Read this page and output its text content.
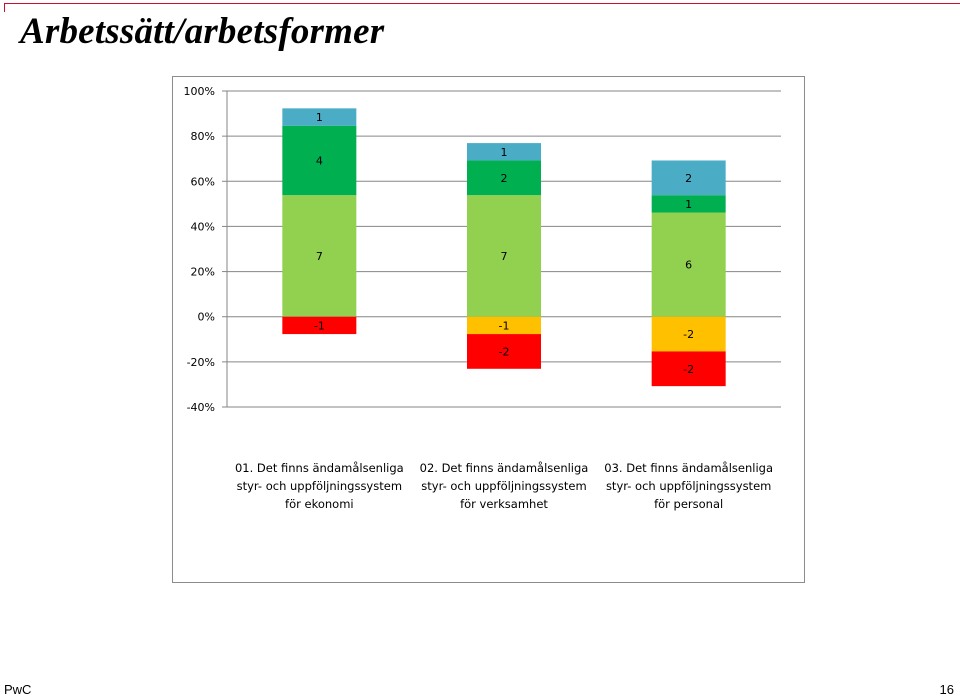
Arbetssätt/arbetsformer
-40%
-20%
0%
20%
40%
60%
80%
100%
7
4
1
-1
7
2
1
-1
-2
6
1
2
-2
-2
01. Det finns ändamålsenliga
styr- och uppföljningssystem
för ekonomi
02. Det finns ändamålsenliga
styr- och uppföljningssystem
för verksamhet
03. Det finns ändamålsenliga
styr- och uppföljningssystem
för personal
PwC	16
